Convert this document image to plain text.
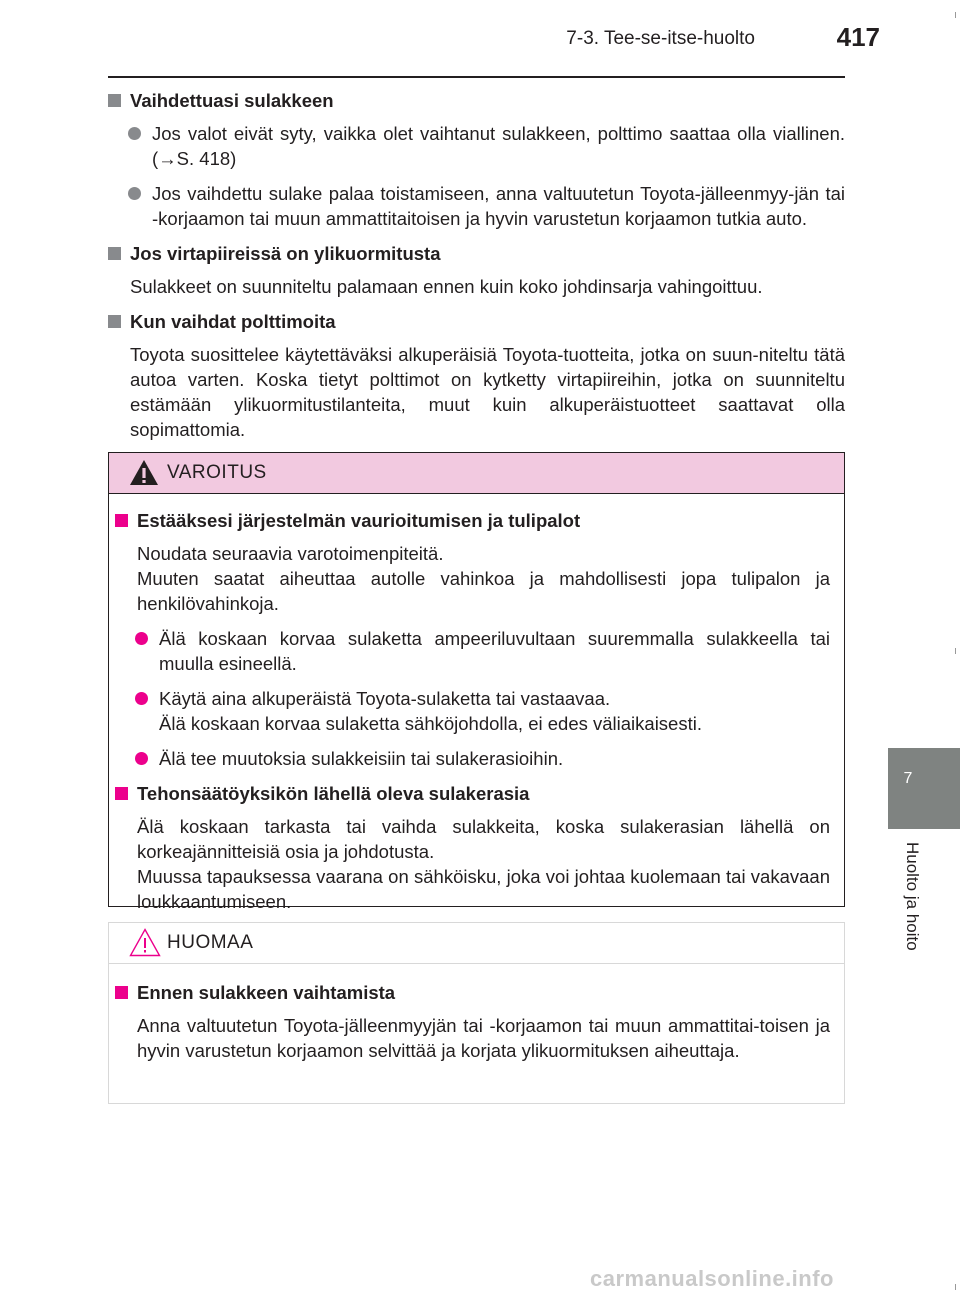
7-3. Tee-se-itse-huolto	417
7
Huolto ja hoito
Vaihdettuasi sulakkeen

Jos valot eivät syty, vaikka olet vaihtanut sulakkeen, polttimo saattaa olla viallinen. (→S. 418)

Jos vaihdettu sulake palaa toistamiseen, anna valtuutetun Toyota-jälleenmyy-jän tai -korjaamon tai muun ammattitaitoisen ja hyvin varustetun korjaamon tutkia auto.

Jos virtapiireissä on ylikuormitusta

Sulakkeet on suunniteltu palamaan ennen kuin koko johdinsarja vahingoittuu.

Kun vaihdat polttimoita

Toyota suosittelee käytettäväksi alkuperäisiä Toyota-tuotteita, jotka on suun-niteltu tätä autoa varten. Koska tietyt polttimot on kytketty virtapiireihin, jotka on suunniteltu estämään ylikuormitustilanteita, muut kuin alkuperäistuotteet saattavat olla sopimattomia.

VAROITUS
Estääksesi järjestelmän vaurioitumisen ja tulipalot

Noudata seuraavia varotoimenpiteitä.

Muuten saatat aiheuttaa autolle vahinkoa ja mahdollisesti jopa tulipalon ja henkilövahinkoja.

Älä koskaan korvaa sulaketta ampeeriluvultaan suuremmalla sulakkeella tai muulla esineellä.

Käytä aina alkuperäistä Toyota-sulaketta tai vastaavaa.
Älä koskaan korvaa sulaketta sähköjohdolla, ei edes väliaikaisesti.

Älä tee muutoksia sulakkeisiin tai sulakerasioihin.

Tehonsäätöyksikön lähellä oleva sulakerasia

Älä koskaan tarkasta tai vaihda sulakkeita, koska sulakerasian lähellä on korkeajännitteisiä osia ja johdotusta.

Muussa tapauksessa vaarana on sähköisku, joka voi johtaa kuolemaan tai vakavaan loukkaantumiseen.

HUOMAA
Ennen sulakkeen vaihtamista

Anna valtuutetun Toyota-jälleenmyyjän tai -korjaamon tai muun ammattitai-toisen ja hyvin varustetun korjaamon selvittää ja korjata ylikuormituksen aiheuttaja.

carmanualsonline.info
